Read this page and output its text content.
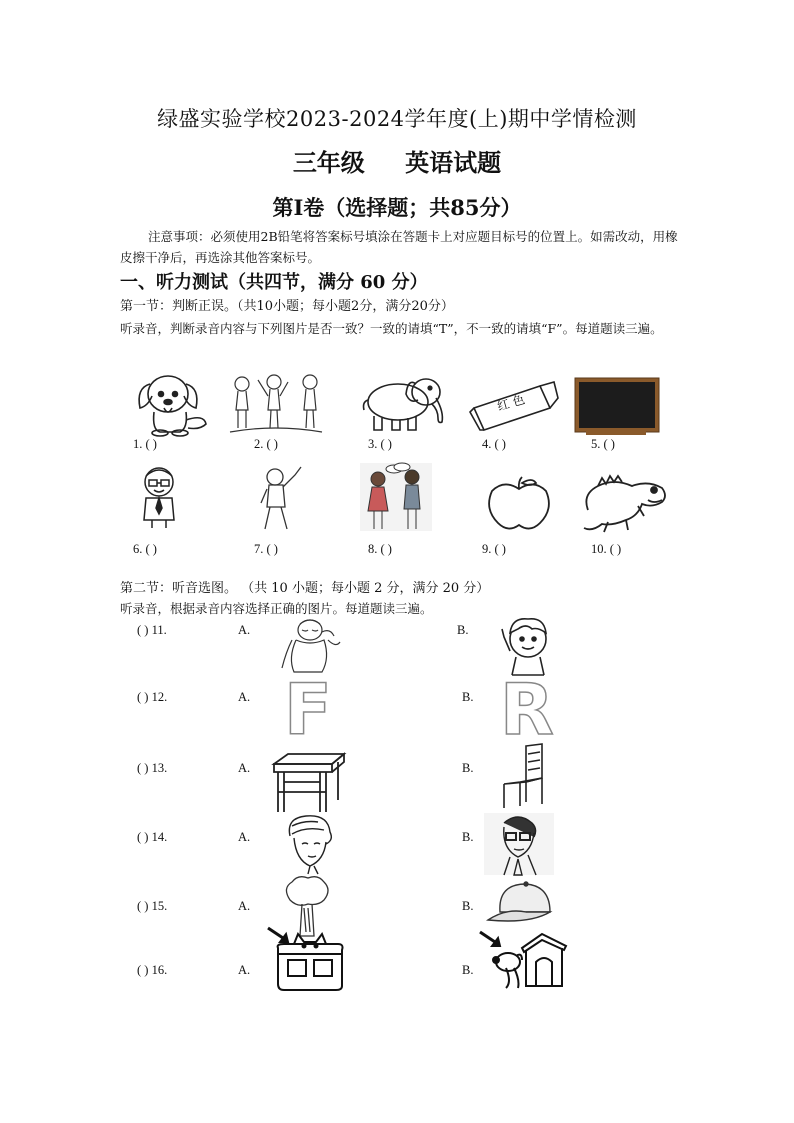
绿盛实验学校2023-2024学年度(上)期中学情检测
三年级 英语试题
第Ⅰ卷（选择题；共85分）
注意事项：必须使用2B铅笔将答案标号填涂在答题卡上对应题目标号的位置上。如需改动，用橡皮擦干净后，再选涂其他答案标号。
一、听力测试（共四节，满分 60 分）
第一节：判断正误。（共10小题；每小题2分，满分20分）
听录音，判断录音内容与下列图片是否一致？一致的请填“T”，不一致的请填“F”。每道题读三遍。
红 色
1. ( )	2. ( )	3. ( )	4. ( )	5. ( )
6. ( )	7. ( )	8. ( )	9. ( )	10. ( )
第二节：听音选图。 （共 10 小题；每小题 2 分，满分 20 分）
听录音，根据录音内容选择正确的图片。每道题读三遍。
( ) 11.	A.	B.
( ) 12.	A.	B.
F R
( ) 13.	A.	B.
( ) 14.	A.	B.
( ) 15.	A.	B.
( ) 16.	A.	B.
